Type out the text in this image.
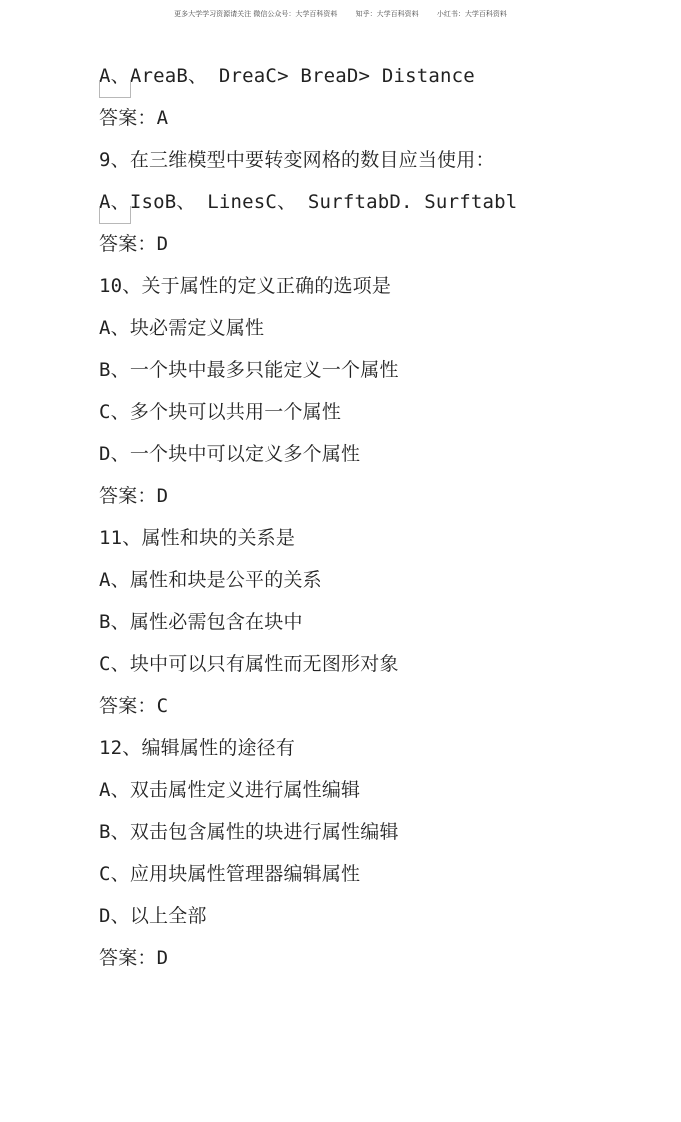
更多大学学习资源请关注 微信公众号：大学百科资料	知乎：大学百科资料	小红书：大学百科资料
A、AreaB、 DreaC> BreaD> Distance
答案：A
9、在三维模型中要转变网格的数目应当使用：
A、IsoB、 LinesC、 SurftabD. Surftabl
答案：D
10、关于属性的定义正确的选项是
A、块必需定义属性
B、一个块中最多只能定义一个属性
C、多个块可以共用一个属性
D、一个块中可以定义多个属性
答案：D
11、属性和块的关系是
A、属性和块是公平的关系
B、属性必需包含在块中
C、块中可以只有属性而无图形对象
答案：C
12、编辑属性的途径有
A、双击属性定义进行属性编辑
B、双击包含属性的块进行属性编辑
C、应用块属性管理器编辑属性
D、以上全部
答案：D
